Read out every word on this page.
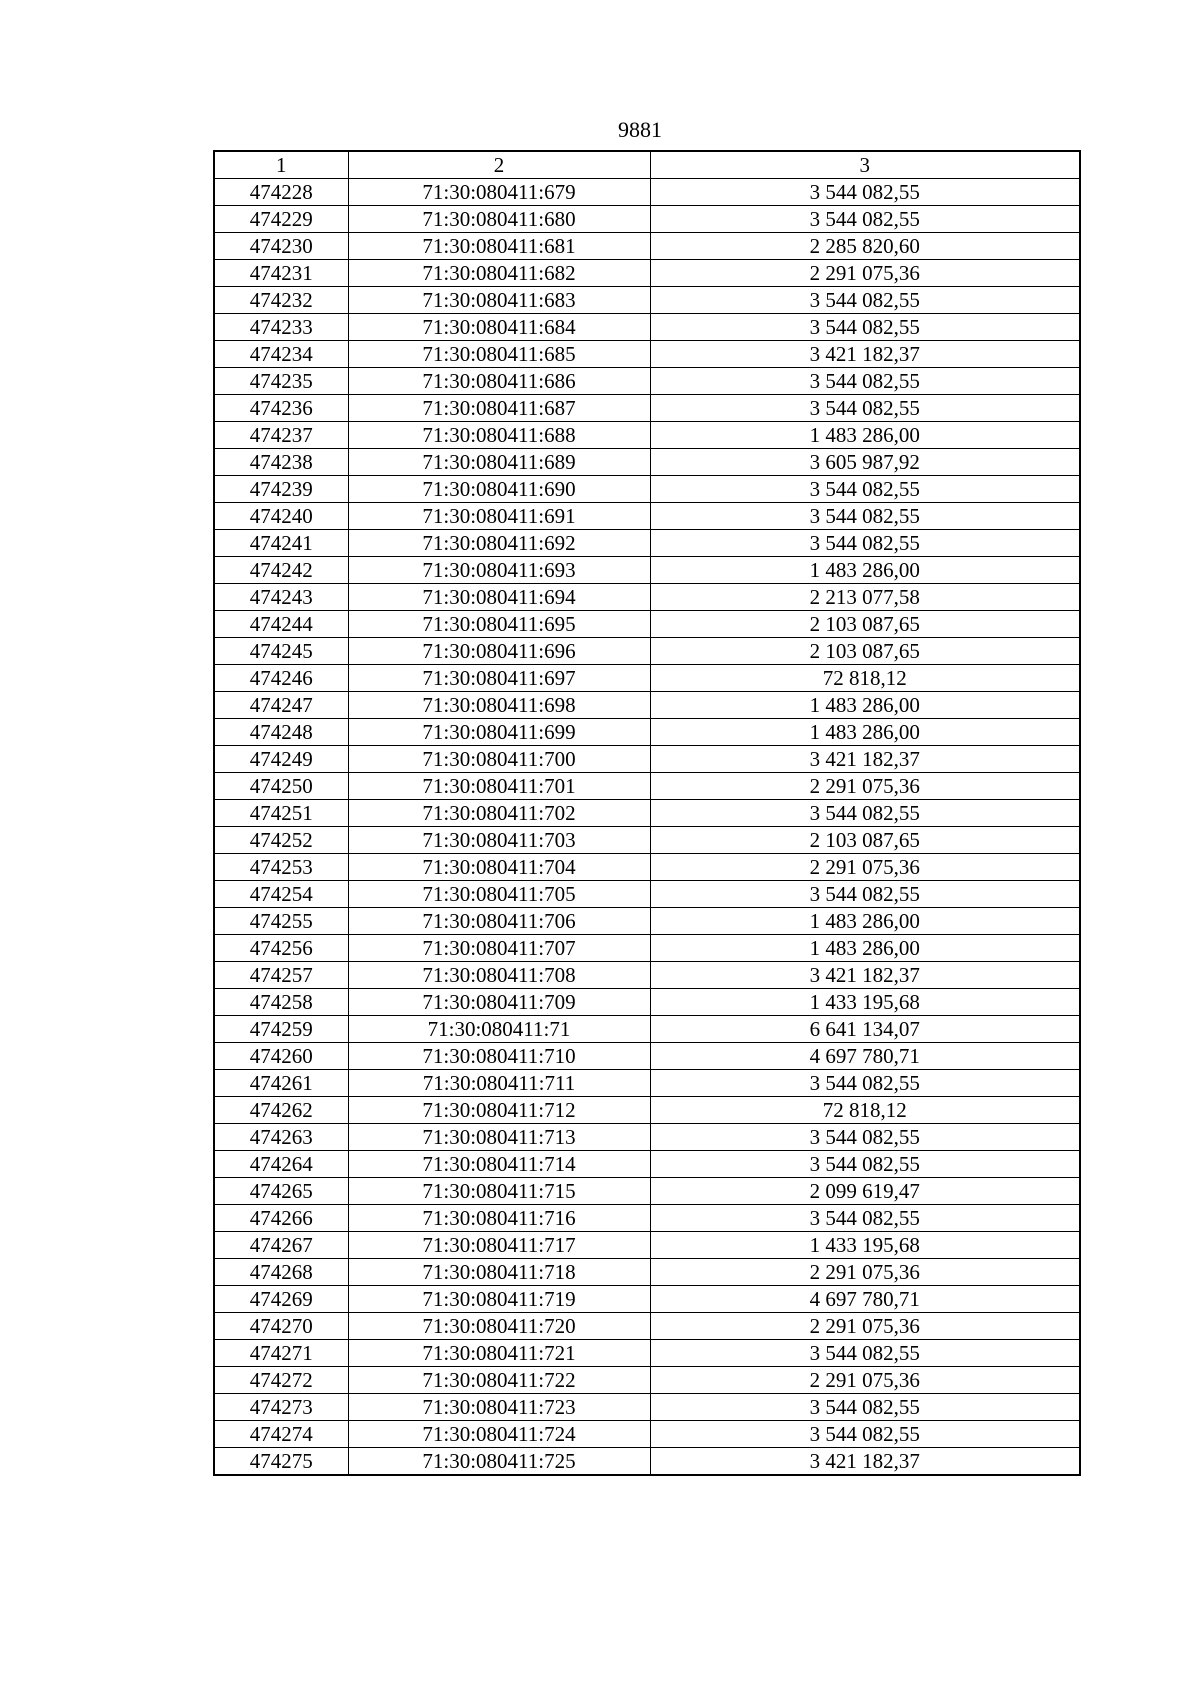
9881
1	2	3
474228	71:30:080411:679	3 544 082,55
474229	71:30:080411:680	3 544 082,55
474230	71:30:080411:681	2 285 820,60
474231	71:30:080411:682	2 291 075,36
474232	71:30:080411:683	3 544 082,55
474233	71:30:080411:684	3 544 082,55
474234	71:30:080411:685	3 421 182,37
474235	71:30:080411:686	3 544 082,55
474236	71:30:080411:687	3 544 082,55
474237	71:30:080411:688	1 483 286,00
474238	71:30:080411:689	3 605 987,92
474239	71:30:080411:690	3 544 082,55
474240	71:30:080411:691	3 544 082,55
474241	71:30:080411:692	3 544 082,55
474242	71:30:080411:693	1 483 286,00
474243	71:30:080411:694	2 213 077,58
474244	71:30:080411:695	2 103 087,65
474245	71:30:080411:696	2 103 087,65
474246	71:30:080411:697	72 818,12
474247	71:30:080411:698	1 483 286,00
474248	71:30:080411:699	1 483 286,00
474249	71:30:080411:700	3 421 182,37
474250	71:30:080411:701	2 291 075,36
474251	71:30:080411:702	3 544 082,55
474252	71:30:080411:703	2 103 087,65
474253	71:30:080411:704	2 291 075,36
474254	71:30:080411:705	3 544 082,55
474255	71:30:080411:706	1 483 286,00
474256	71:30:080411:707	1 483 286,00
474257	71:30:080411:708	3 421 182,37
474258	71:30:080411:709	1 433 195,68
474259	71:30:080411:71	6 641 134,07
474260	71:30:080411:710	4 697 780,71
474261	71:30:080411:711	3 544 082,55
474262	71:30:080411:712	72 818,12
474263	71:30:080411:713	3 544 082,55
474264	71:30:080411:714	3 544 082,55
474265	71:30:080411:715	2 099 619,47
474266	71:30:080411:716	3 544 082,55
474267	71:30:080411:717	1 433 195,68
474268	71:30:080411:718	2 291 075,36
474269	71:30:080411:719	4 697 780,71
474270	71:30:080411:720	2 291 075,36
474271	71:30:080411:721	3 544 082,55
474272	71:30:080411:722	2 291 075,36
474273	71:30:080411:723	3 544 082,55
474274	71:30:080411:724	3 544 082,55
474275	71:30:080411:725	3 421 182,37
